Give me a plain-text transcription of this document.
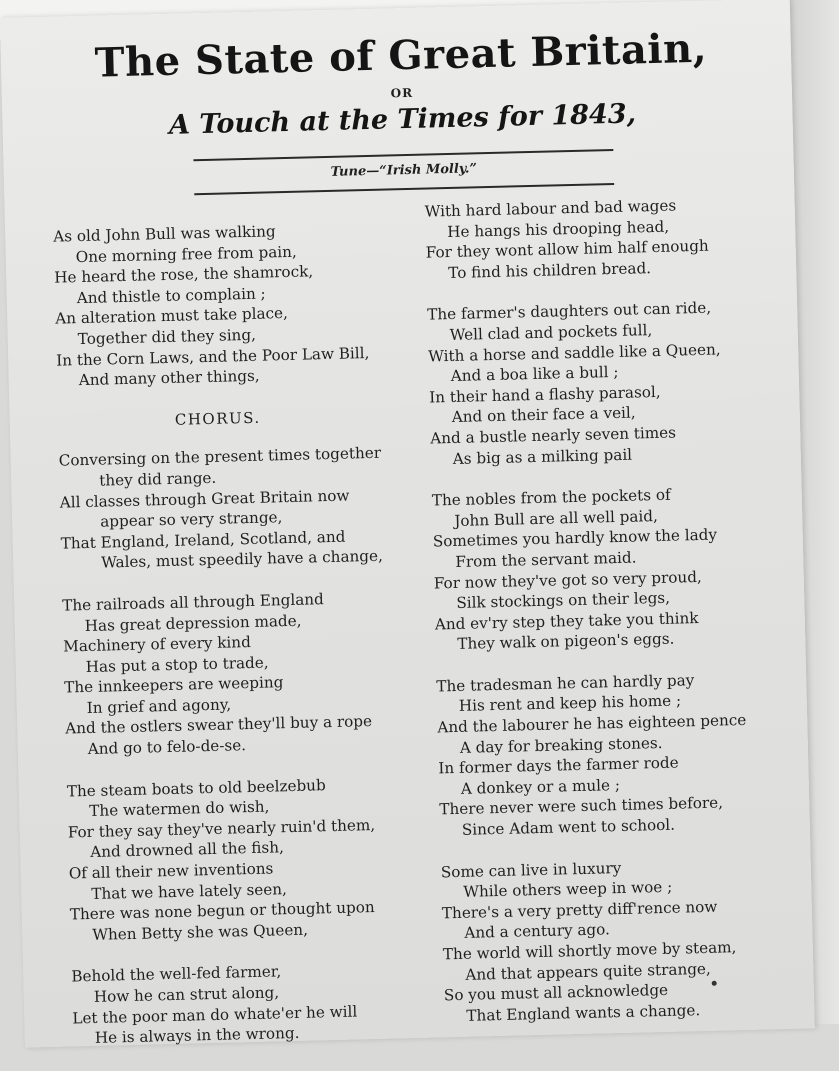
The State of Great Britain,
OR
A Touch at the Times for 1843,
Tune—“Irish Molly.”
As old John Bull was walking
One morning free from pain,
He heard the rose, the shamrock,
And thistle to complain ;
An alteration must take place,
Together did they sing,
In the Corn Laws, and the Poor Law Bill,
And many other things,
CHORUS.
Conversing on the present times together
they did range.
All classes through Great Britain now
appear so very strange,
That England, Ireland, Scotland, and
Wales, must speedily have a change,
The railroads all through England
Has great depression made,
Machinery of every kind
Has put a stop to trade,
The innkeepers are weeping
In grief and agony,
And the ostlers swear they'll buy a rope
And go to felo-de-se.
The steam boats to old beelzebub
The watermen do wish,
For they say they've nearly ruin'd them,
And drowned all the fish,
Of all their new inventions
That we have lately seen,
There was none begun or thought upon
When Betty she was Queen,
Behold the well-fed farmer,
How he can strut along,
Let the poor man do whate'er he will
He is always in the wrong.
With hard labour and bad wages
He hangs his drooping head,
For they wont allow him half enough
To find his children bread.
The farmer's daughters out can ride,
Well clad and pockets full,
With a horse and saddle like a Queen,
And a boa like a bull ;
In their hand a flashy parasol,
And on their face a veil,
And a bustle nearly seven times
As big as a milking pail
The nobles from the pockets of
John Bull are all well paid,
Sometimes you hardly know the lady
From the servant maid.
For now they've got so very proud,
Silk stockings on their legs,
And ev'ry step they take you think
They walk on pigeon's eggs.
The tradesman he can hardly pay
His rent and keep his home ;
And the labourer he has eighteen pence
A day for breaking stones.
In former days the farmer rode
A donkey or a mule ;
There never were such times before,
Since Adam went to school.
Some can live in luxury
While others weep in woe ;
There's a very pretty diff'rence now
And a century ago.
The world will shortly move by steam,
And that appears quite strange,
So you must all acknowledge
That England wants a change.
